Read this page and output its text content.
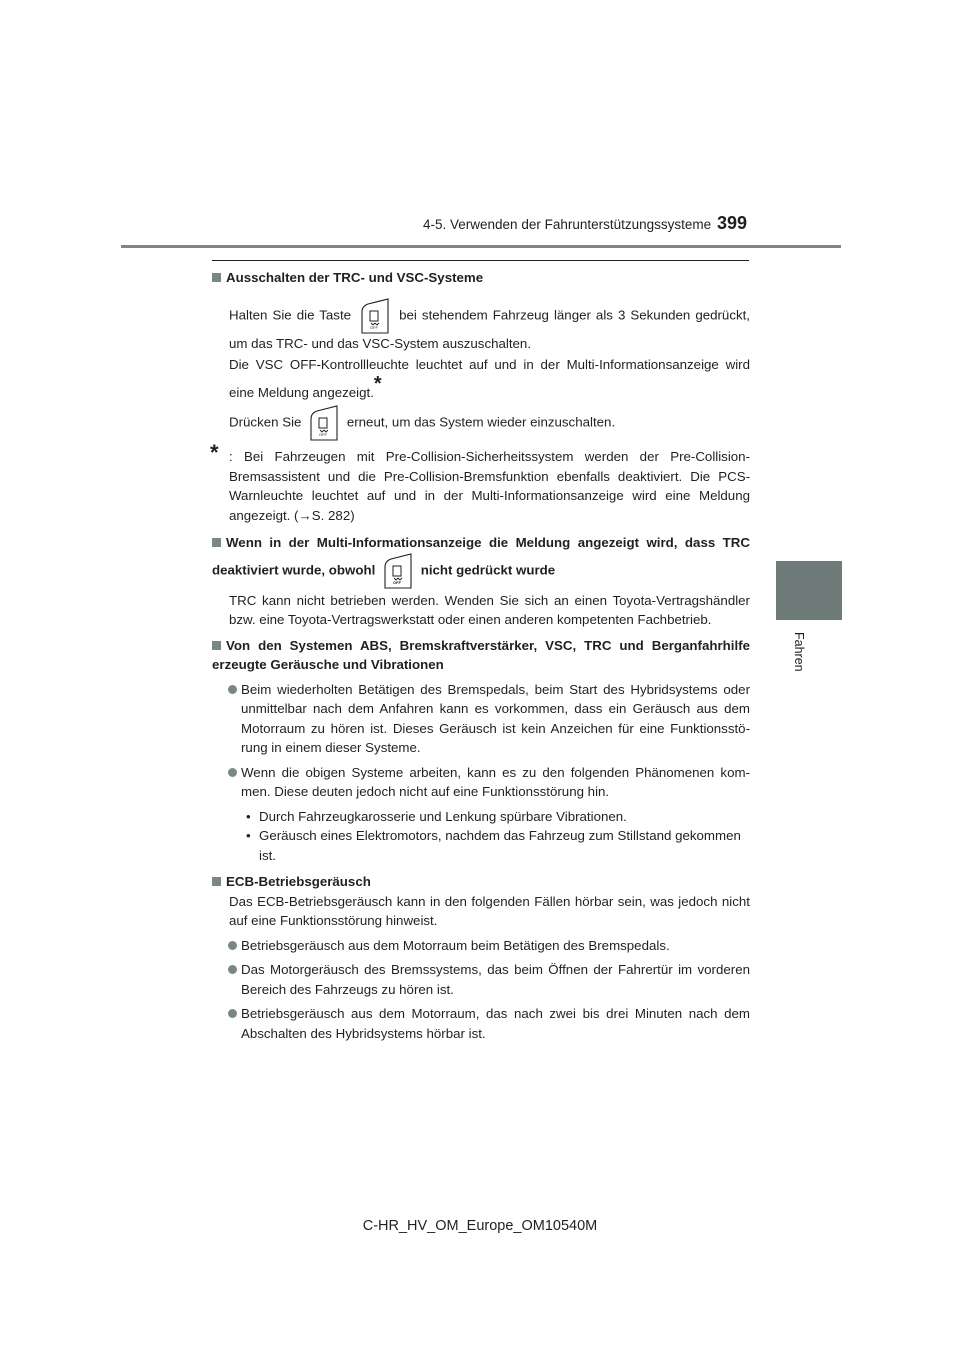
4-5. Verwenden der Fahrunterstützungssysteme 399
4
Fahren

Ausschalten der TRC- und VSC-Systeme

Halten Sie die Taste
OFF
bei stehendem Fahrzeug länger als 3 Sekunden gedrückt, um das TRC- und das VSC-System auszuschalten.

Die VSC OFF-Kontrollleuchte leuchtet auf und in der Multi-Informationsanzeige wird eine Meldung angezeigt.*

Drücken Sie
OFF
erneut, um das System wieder einzuschalten.

* : Bei Fahrzeugen mit Pre-Collision-Sicherheitssystem werden der Pre-Collision-Bremsassistent und die Pre-Collision-Bremsfunktion ebenfalls deaktiviert. Die PCS-Warnleuchte leuchtet auf und in der Multi-Informationsanzeige wird eine Meldung angezeigt. (→S. 282)

Wenn in der Multi-Informationsanzeige die Meldung angezeigt wird, dass TRC deaktiviert wurde, obwohl
OFF
nicht gedrückt wurde

TRC kann nicht betrieben werden. Wenden Sie sich an einen Toyota-Vertragshändler bzw. eine Toyota-Vertragswerkstatt oder einen anderen kompetenten Fachbetrieb.

Von den Systemen ABS, Bremskraftverstärker, VSC, TRC und Berganfahrhilfe erzeugte Geräusche und Vibrationen

Beim wiederholten Betätigen des Bremspedals, beim Start des Hybridsystems oder unmittelbar nach dem Anfahren kann es vorkommen, dass ein Geräusch aus dem Motorraum zu hören ist. Dieses Geräusch ist kein Anzeichen für eine Funktionsstö-rung in einem dieser Systeme.

Wenn die obigen Systeme arbeiten, kann es zu den folgenden Phänomenen kom-men. Diese deuten jedoch nicht auf eine Funktionsstörung hin.

• Durch Fahrzeugkarosserie und Lenkung spürbare Vibrationen.

• Geräusch eines Elektromotors, nachdem das Fahrzeug zum Stillstand gekommen ist.

ECB-Betriebsgeräusch

Das ECB-Betriebsgeräusch kann in den folgenden Fällen hörbar sein, was jedoch nicht auf eine Funktionsstörung hinweist.

Betriebsgeräusch aus dem Motorraum beim Betätigen des Bremspedals.

Das Motorgeräusch des Bremssystems, das beim Öffnen der Fahrertür im vorderen Bereich des Fahrzeugs zu hören ist.

Betriebsgeräusch aus dem Motorraum, das nach zwei bis drei Minuten nach dem Abschalten des Hybridsystems hörbar ist.

C-HR_HV_OM_Europe_OM10540M
